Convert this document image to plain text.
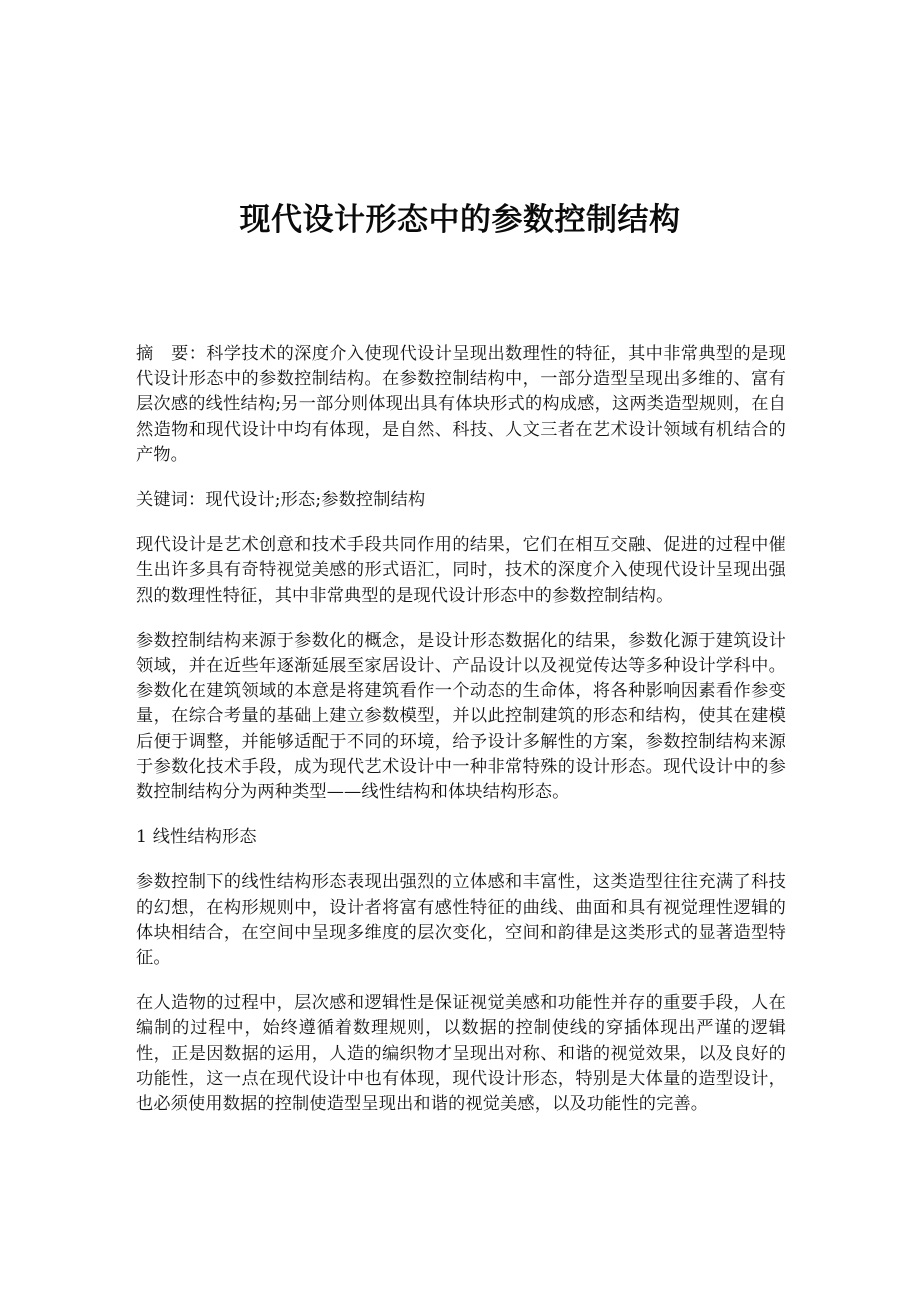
现代设计形态中的参数控制结构

摘　要：科学技术的深度介入使现代设计呈现出数理性的特征，其中非常典型的是现代设计形态中的参数控制结构。在参数控制结构中，一部分造型呈现出多维的、富有层次感的线性结构;另一部分则体现出具有体块形式的构成感，这两类造型规则，在自然造物和现代设计中均有体现，是自然、科技、人文三者在艺术设计领域有机结合的产物。

关键词：现代设计;形态;参数控制结构

现代设计是艺术创意和技术手段共同作用的结果，它们在相互交融、促进的过程中催生出许多具有奇特视觉美感的形式语汇，同时，技术的深度介入使现代设计呈现出强烈的数理性特征，其中非常典型的是现代设计形态中的参数控制结构。

参数控制结构来源于参数化的概念，是设计形态数据化的结果，参数化源于建筑设计领域，并在近些年逐渐延展至家居设计、产品设计以及视觉传达等多种设计学科中。参数化在建筑领域的本意是将建筑看作一个动态的生命体，将各种影响因素看作参变量，在综合考量的基础上建立参数模型，并以此控制建筑的形态和结构，使其在建模后便于调整，并能够适配于不同的环境，给予设计多解性的方案，参数控制结构来源于参数化技术手段，成为现代艺术设计中一种非常特殊的设计形态。现代设计中的参数控制结构分为两种类型——线性结构和体块结构形态。

1 线性结构形态

参数控制下的线性结构形态表现出强烈的立体感和丰富性，这类造型往往充满了科技的幻想，在构形规则中，设计者将富有感性特征的曲线、曲面和具有视觉理性逻辑的体块相结合，在空间中呈现多维度的层次变化，空间和韵律是这类形式的显著造型特征。

在人造物的过程中，层次感和逻辑性是保证视觉美感和功能性并存的重要手段，人在编制的过程中，始终遵循着数理规则，以数据的控制使线的穿插体现出严谨的逻辑性，正是因数据的运用，人造的编织物才呈现出对称、和谐的视觉效果，以及良好的功能性，这一点在现代设计中也有体现，现代设计形态，特别是大体量的造型设计，也必须使用数据的控制使造型呈现出和谐的视觉美感，以及功能性的完善。
